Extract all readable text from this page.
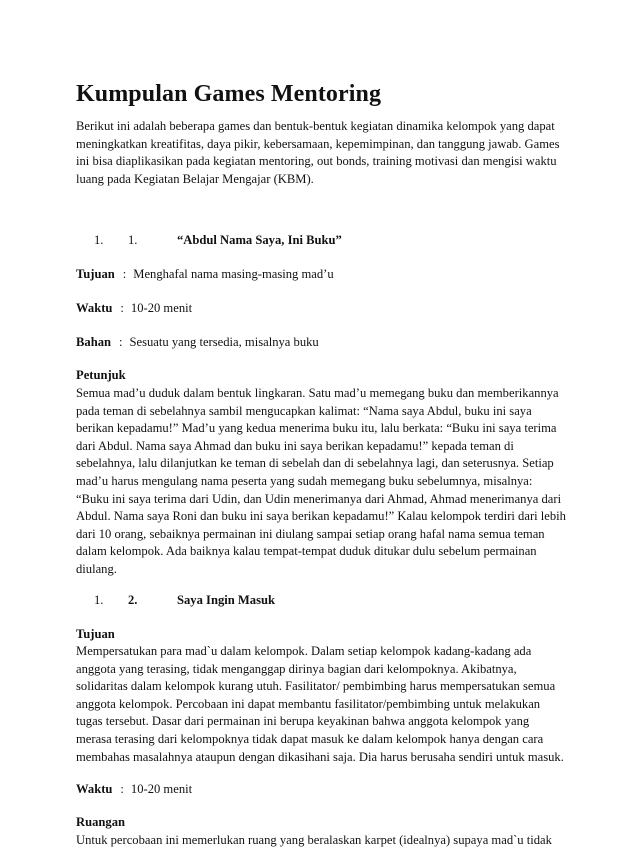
Kumpulan Games Mentoring

Berikut ini adalah beberapa games dan bentuk-bentuk kegiatan dinamika kelompok yang dapat
meningkatkan kreatifitas, daya pikir, kebersamaan, kepemimpinan, dan tanggung jawab. Games
ini bisa diaplikasikan pada kegiatan mentoring, out bonds, training motivasi dan mengisi waktu
luang pada Kegiatan Belajar Mengajar (KBM).

1.	1.	“Abdul Nama Saya, Ini Buku”

Tujuan : Menghafal nama masing-masing mad’u

Waktu : 10-20 menit

Bahan : Sesuatu yang tersedia, misalnya buku

Petunjuk

Semua mad’u duduk dalam bentuk lingkaran. Satu mad’u memegang buku dan memberikannya
pada teman di sebelahnya sambil mengucapkan kalimat: “Nama saya Abdul, buku ini saya
berikan kepadamu!” Mad’u yang kedua menerima buku itu, lalu berkata: “Buku ini saya terima
dari Abdul. Nama saya Ahmad dan buku ini saya berikan kepadamu!” kepada teman di
sebelahnya, lalu dilanjutkan ke teman di sebelah dan di sebelahnya lagi, dan seterusnya. Setiap
mad’u harus mengulang nama peserta yang sudah memegang buku sebelumnya, misalnya:
“Buku ini saya terima dari Udin, dan Udin menerimanya dari Ahmad, Ahmad menerimanya dari
Abdul. Nama saya Roni dan buku ini saya berikan kepadamu!” Kalau kelompok terdiri dari lebih
dari 10 orang, sebaiknya permainan ini diulang sampai setiap orang hafal nama semua teman
dalam kelompok. Ada baiknya kalau tempat-tempat duduk ditukar dulu sebelum permainan
diulang.

1.	2.	Saya Ingin Masuk

Tujuan

Mempersatukan para mad`u dalam kelompok. Dalam setiap kelompok kadang-kadang ada
anggota yang terasing, tidak menganggap dirinya bagian dari kelompoknya. Akibatnya,
solidaritas dalam kelompok kurang utuh. Fasilitator/ pembimbing harus mempersatukan semua
anggota kelompok. Percobaan ini dapat membantu fasilitator/pembimbing untuk melakukan
tugas tersebut. Dasar dari permainan ini berupa keyakinan bahwa anggota kelompok yang
merasa terasing dari kelompoknya tidak dapat masuk ke dalam kelompok hanya dengan cara
membahas masalahnya ataupun dengan dikasihani saja. Dia harus berusaha sendiri untuk masuk.

Waktu : 10-20 menit

Ruangan

Untuk percobaan ini memerlukan ruang yang beralaskan karpet (idealnya) supaya mad`u tidak
